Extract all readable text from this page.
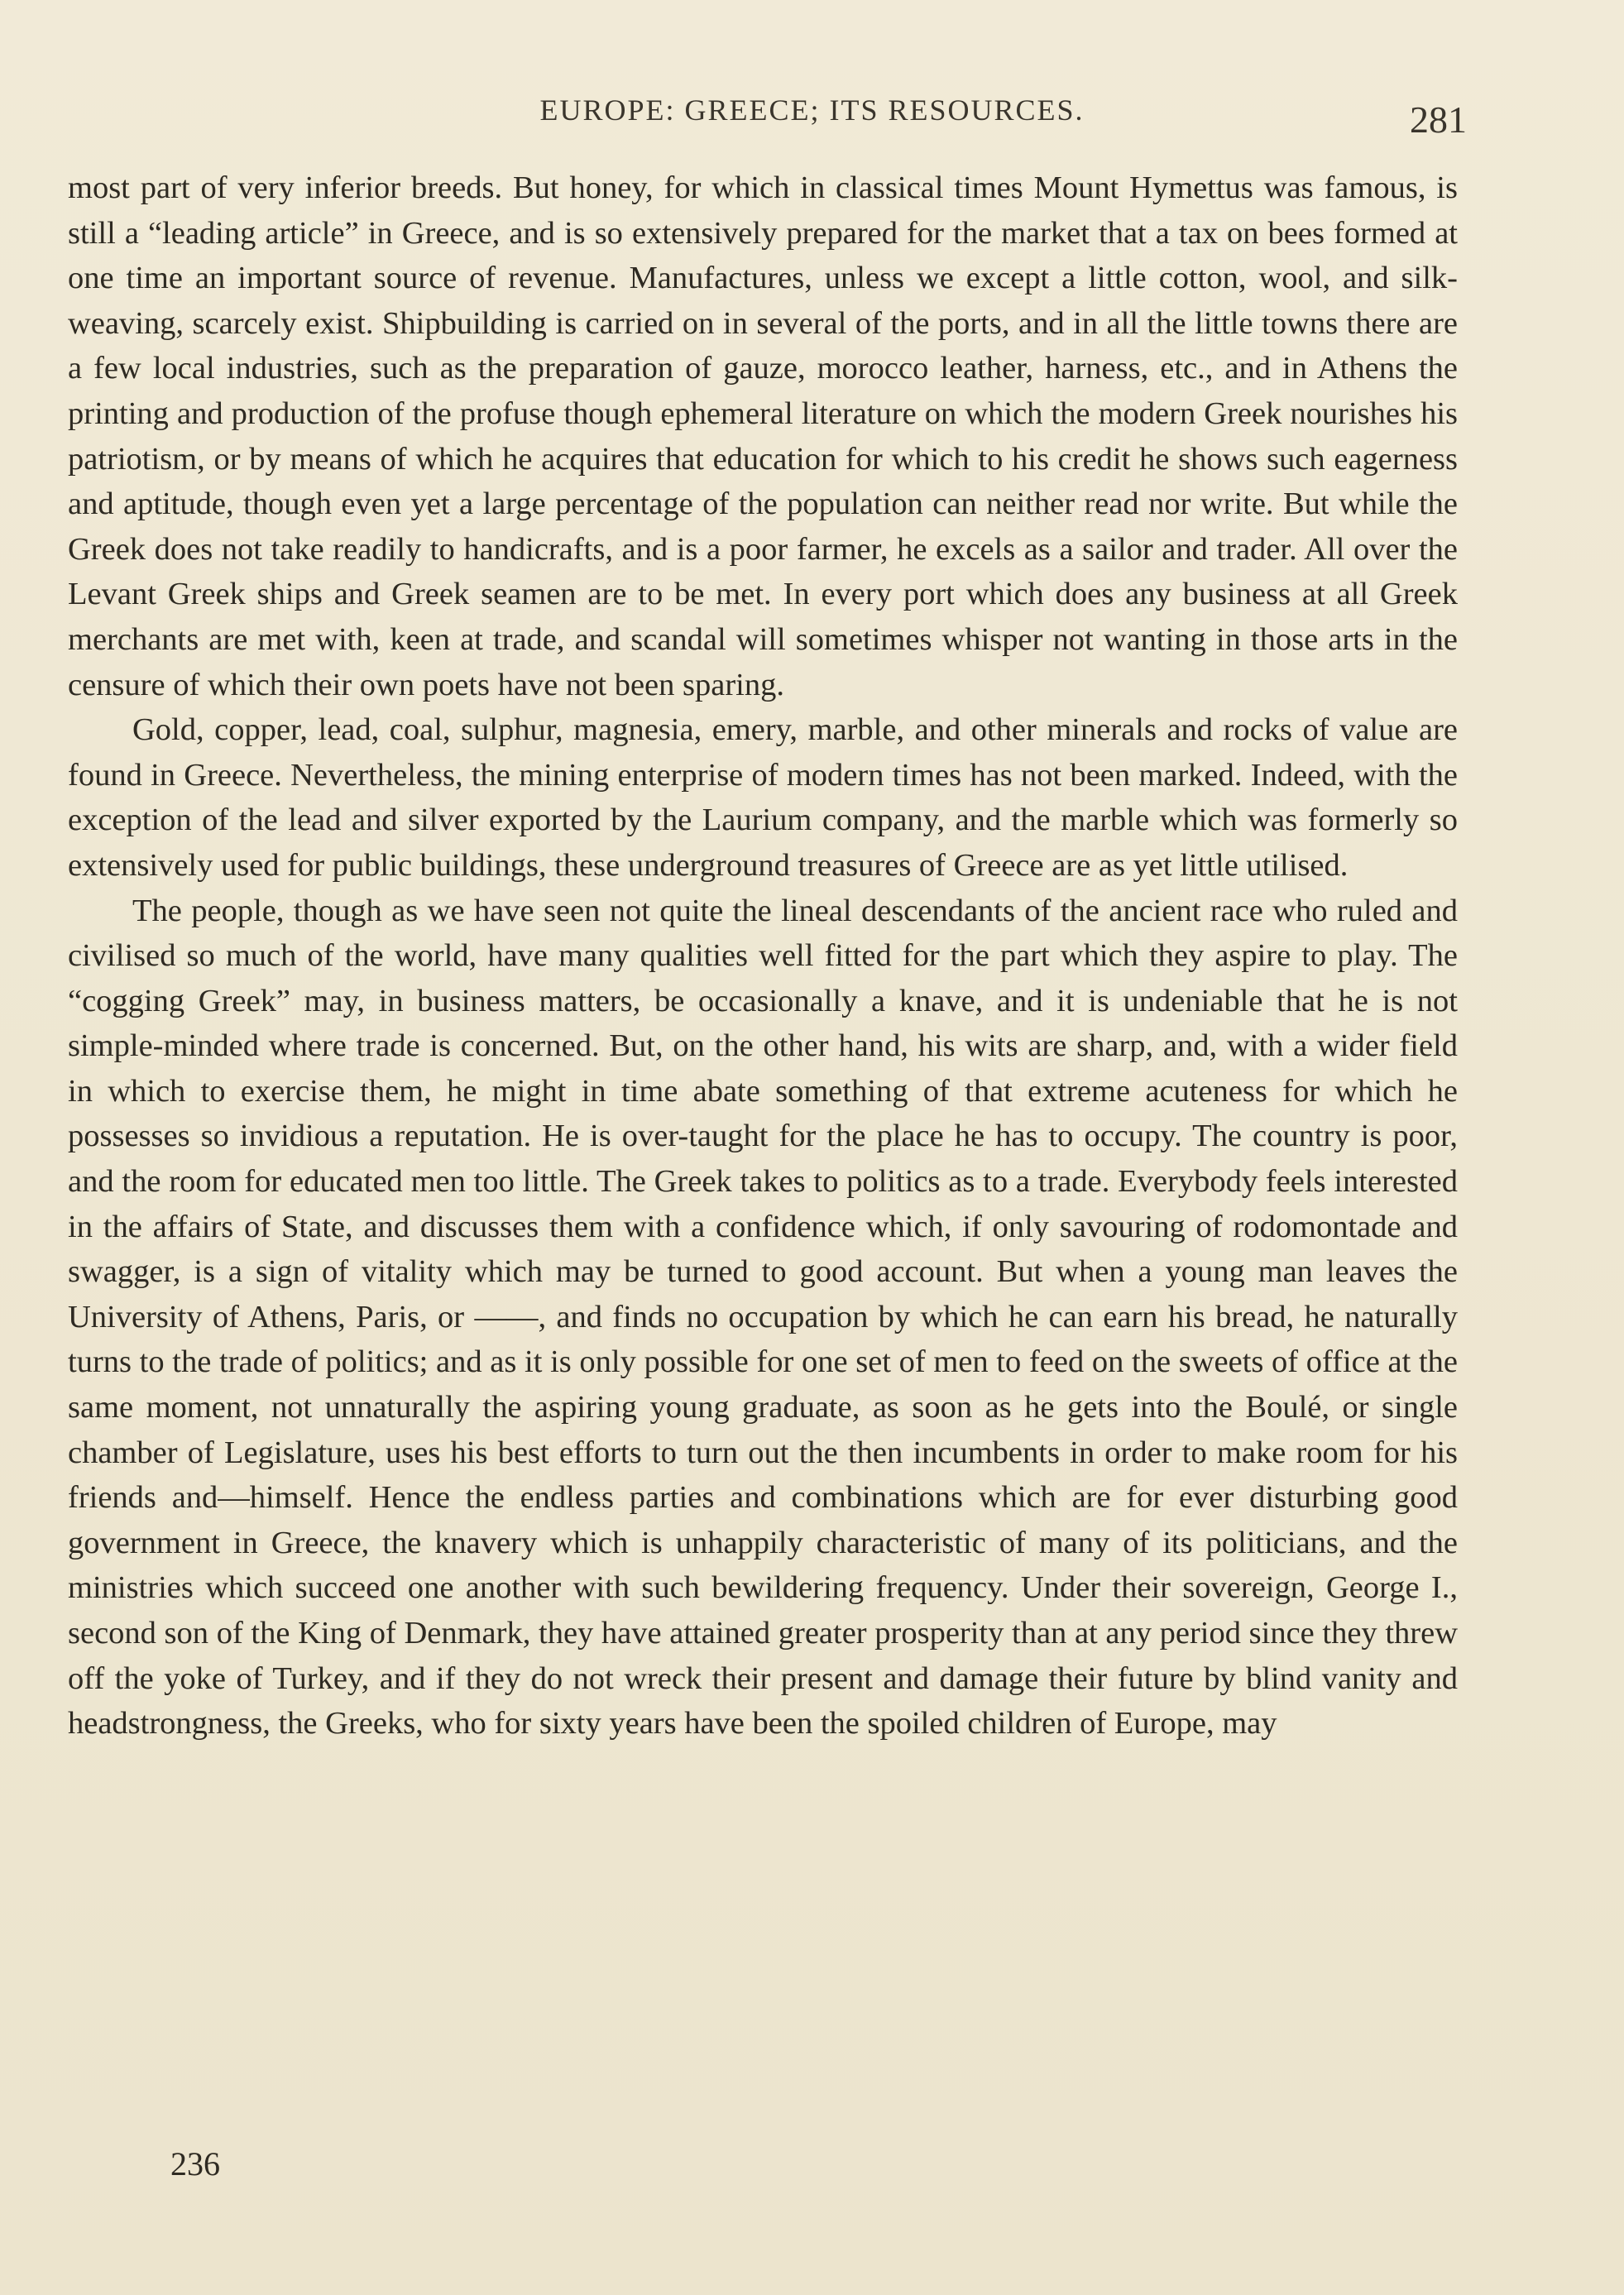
EUROPE: GREECE; ITS RESOURCES.	281

most part of very inferior breeds. But honey, for which in classical times Mount Hymettus was famous, is still a “leading article” in Greece, and is so extensively prepared for the market that a tax on bees formed at one time an important source of revenue. Manufactures, unless we except a little cotton, wool, and silk-weaving, scarcely exist. Shipbuilding is carried on in several of the ports, and in all the little towns there are a few local industries, such as the preparation of gauze, morocco leather, harness, etc., and in Athens the printing and production of the profuse though ephemeral literature on which the modern Greek nourishes his patriotism, or by means of which he acquires that education for which to his credit he shows such eagerness and aptitude, though even yet a large percentage of the population can neither read nor write. But while the Greek does not take readily to handicrafts, and is a poor farmer, he excels as a sailor and trader. All over the Levant Greek ships and Greek seamen are to be met. In every port which does any business at all Greek merchants are met with, keen at trade, and scandal will sometimes whisper not wanting in those arts in the censure of which their own poets have not been sparing.

Gold, copper, lead, coal, sulphur, magnesia, emery, marble, and other minerals and rocks of value are found in Greece. Nevertheless, the mining enterprise of modern times has not been marked. Indeed, with the exception of the lead and silver exported by the Laurium company, and the marble which was formerly so extensively used for public buildings, these underground treasures of Greece are as yet little utilised.

The people, though as we have seen not quite the lineal descendants of the ancient race who ruled and civilised so much of the world, have many qualities well fitted for the part which they aspire to play. The “cogging Greek” may, in business matters, be occasionally a knave, and it is undeniable that he is not simple-minded where trade is concerned. But, on the other hand, his wits are sharp, and, with a wider field in which to exercise them, he might in time abate something of that extreme acuteness for which he possesses so invidious a reputation. He is over-taught for the place he has to occupy. The country is poor, and the room for educated men too little. The Greek takes to politics as to a trade. Everybody feels interested in the affairs of State, and discusses them with a confidence which, if only savouring of rodomontade and swagger, is a sign of vitality which may be turned to good account. But when a young man leaves the University of Athens, Paris, or ——, and finds no occupation by which he can earn his bread, he naturally turns to the trade of politics; and as it is only possible for one set of men to feed on the sweets of office at the same moment, not unnaturally the aspiring young graduate, as soon as he gets into the Boulé, or single chamber of Legislature, uses his best efforts to turn out the then incumbents in order to make room for his friends and—himself. Hence the endless parties and combinations which are for ever disturbing good government in Greece, the knavery which is unhappily characteristic of many of its politicians, and the ministries which succeed one another with such bewildering frequency. Under their sovereign, George I., second son of the King of Denmark, they have attained greater prosperity than at any period since they threw off the yoke of Turkey, and if they do not wreck their present and damage their future by blind vanity and headstrongness, the Greeks, who for sixty years have been the spoiled children of Europe, may

236
